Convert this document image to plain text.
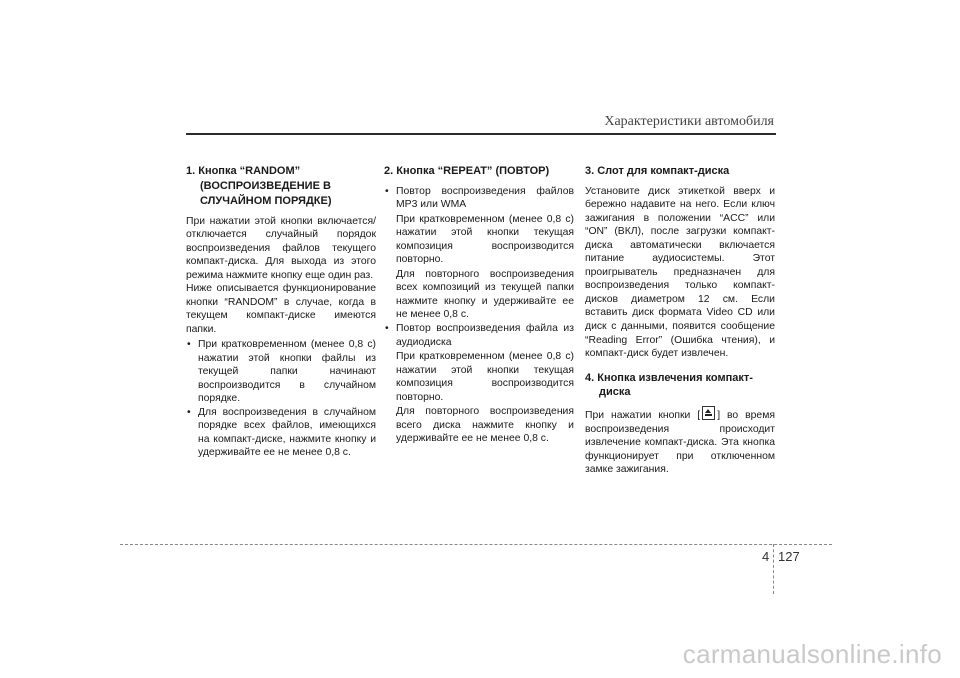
Характеристики автомобиля
1. Кнопка “RANDOM”
(ВОСПРОИЗВЕДЕНИЕ В СЛУЧАЙНОМ ПОРЯДКЕ)

При нажатии этой кнопки включается/отключается случайный порядок воспроизведения файлов текущего компакт-диска. Для выхода из этого режима нажмите кнопку еще один раз.

Ниже описывается функционирование кнопки “RANDOM” в случае, когда в текущем компакт-диске имеются папки.

• При кратковременном (менее 0,8 с) нажатии этой кнопки файлы из текущей папки начинают воспроизводится в случайном порядке.
• Для воспроизведения в случайном порядке всех файлов, имеющихся на компакт-диске, нажмите кнопку и удерживайте ее не менее 0,8 с.
2. Кнопка “REPEAT” (ПОВТОР)
• Повтор воспроизведения файлов MP3 или WMA
При кратковременном (менее 0,8 с) нажатии этой кнопки текущая композиция воспроизводится повторно.
Для повторного воспроизведения всех композиций из текущей папки нажмите кнопку и удерживайте ее не менее 0,8 с.
• Повтор воспроизведения файла из аудиодиска
При кратковременном (менее 0,8 с) нажатии этой кнопки текущая композиция воспроизводится повторно.
Для повторного воспроизведения всего диска нажмите кнопку и удерживайте ее не менее 0,8 с.
3. Слот для компакт-диска

Установите диск этикеткой вверх и бережно надавите на него. Если ключ зажигания в положении “ACC” или “ON” (ВКЛ), после загрузки компакт-диска автоматически включается питание аудиосистемы. Этот проигрыватель предназначен для воспроизведения только компакт-дисков диаметром 12 см. Если вставить диск формата Video CD или диск с данными, появится сообщение “Reading Error” (Ошибка чтения), и компакт-диск будет извлечен.

4. Кнопка извлечения компакт-
диска

При нажатии кнопки [ ] во время воспроизведения происходит извлечение компакт-диска. Эта кнопка функционирует при отключенном замке зажигания.

4 127
carmanualsonline.info
